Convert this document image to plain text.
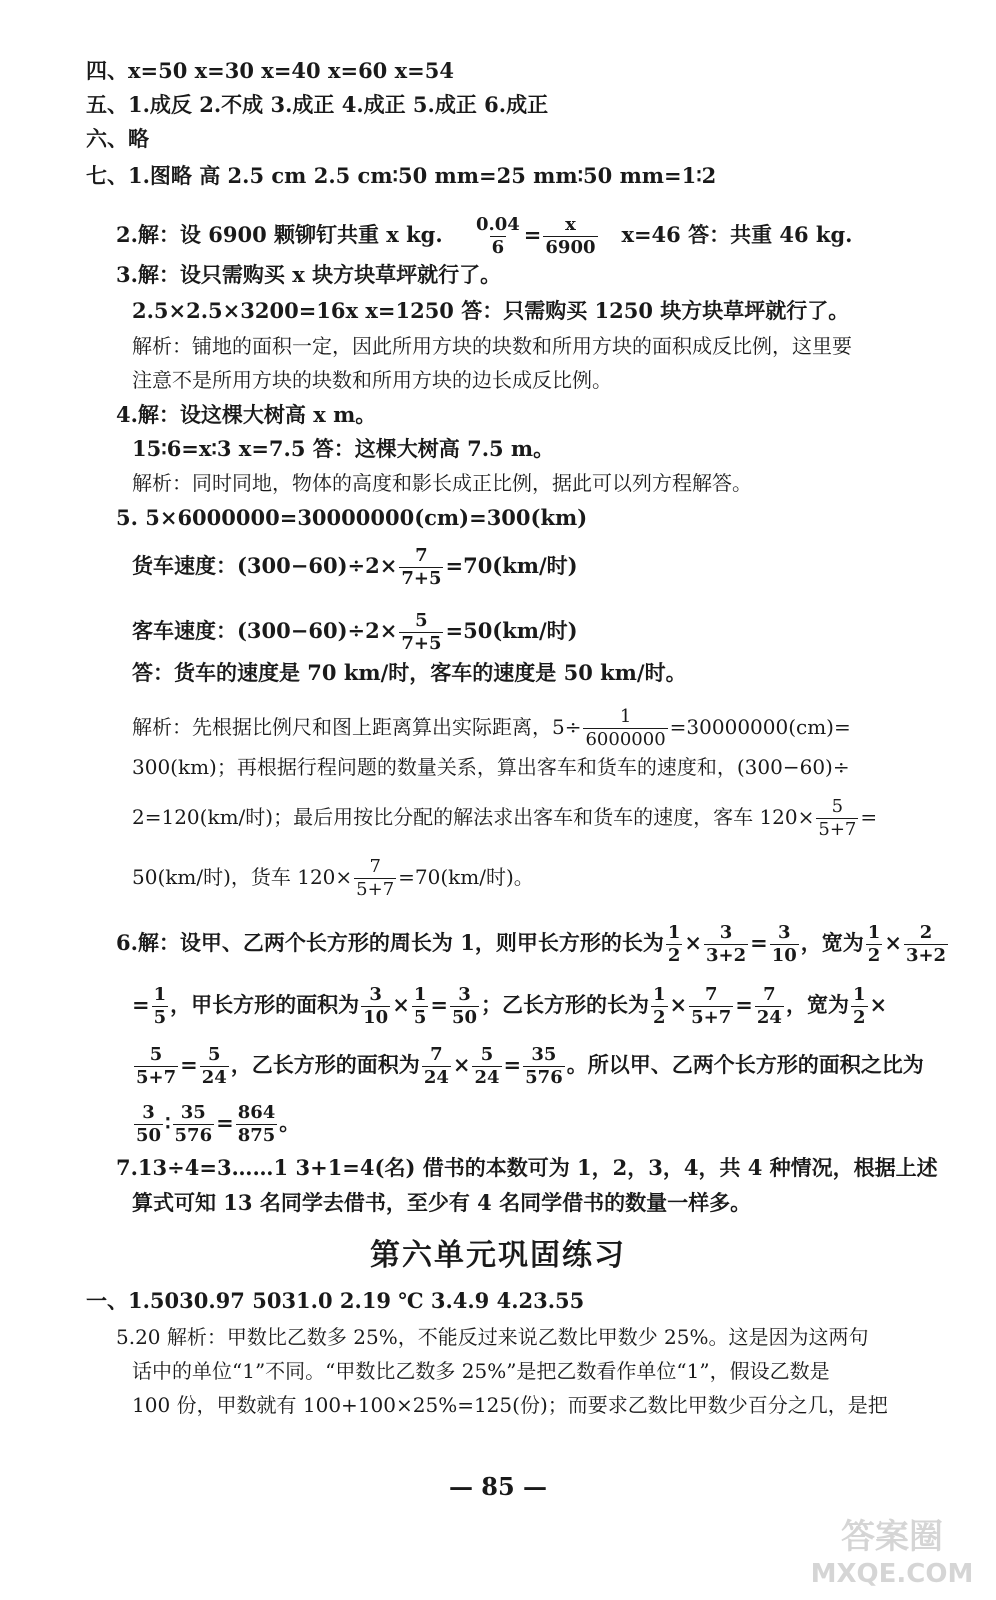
四、x=50 x=30 x=40 x=60 x=54
五、1.成反 2.不成 3.成正 4.成正 5.成正 6.成正
六、略
七、1.图略 高 2.5 cm 2.5 cm∶50 mm=25 mm∶50 mm=1∶2
2.解：设 6900 颗铆钉共重 x kg. $\frac{0.04}{6} = \frac{x}{6900} x=46$ 答：共重 46 kg.
3.解：设只需购买 x 块方块草坪就行了。
2.5×2.5×3200=16x x=1250 答：只需购买 1250 块方块草坪就行了。
解析：铺地的面积一定，因此所用方块的块数和所用方块的面积成反比例，这里要
注意不是所用方块的块数和所用方块的边长成反比例。
4.解：设这棵大树高 x m。
15∶6=x∶3 x=7.5 答：这棵大树高 7.5 m。
解析：同时同地，物体的高度和影长成正比例，据此可以列方程解答。
5. 5×6000000=30000000(cm)=300(km)
货车速度：$(300-60)\div 2\times \frac{7}{7+5} =70(km/$时)
客车速度：$(300-60)\div 2\times \frac{5}{7+5} =50(km/$时)
答：货车的速度是 70 km/时，客车的速度是 50 km/时。
解析：先根据比例尺和图上距离算出实际距离，$5\div \frac{1}{6000000} =30000000(cm)=$
300(km)；再根据行程问题的数量关系，算出客车和货车的速度和，(300−60)÷
2=120(km/时)；最后用按比分配的解法求出客车和货车的速度，客车 $120\times \frac{5}{5+7}$ =
50(km/时)，货车 $120\times \frac{7}{5+7} =70(km/$时)。
6.解：设甲、乙两个长方形的周长为 1，则甲长方形的长为 $\frac{1}{2} \times \frac{3}{3+2} = \frac{3}{10}$ ，宽为 $\frac{1}{2} \times \frac{2}{3+2}$
= $\frac{1}{5}$ ，甲长方形的面积为 $\frac{3}{10} \times \frac{1}{5} = \frac{3}{50}$ ；乙长方形的长为 $\frac{1}{2} \times \frac{7}{5+7} = \frac{7}{24}$ ，宽为 $\frac{1}{2}$ ×
$\frac{5}{5+7} = \frac{5}{24}$ ，乙长方形的面积为 $\frac{7}{24} \times \frac{5}{24} = \frac{35}{576}$ 。所以甲、乙两个长方形的面积之比为
$\frac{3}{50}$ ∶ $\frac{35}{576} = \frac{864}{875}$ 。
7.13÷4=3……1 3+1=4(名) 借书的本数可为 1，2，3，4，共 4 种情况，根据上述
算式可知 13 名同学去借书，至少有 4 名同学借书的数量一样多。
第六单元巩固练习
一、1.5030.97 5031.0 2.19 ℃ 3.4.9 4.23.55
5.20 解析：甲数比乙数多 25%，不能反过来说乙数比甲数少 25%。这是因为这两句
话中的单位“1”不同。“甲数比乙数多 25%”是把乙数看作单位“1”，假设乙数是
100 份，甲数就有 100+100×25%=125(份)；而要求乙数比甲数少百分之几，是把
— 85 —
答案圈
MXQE.COM
